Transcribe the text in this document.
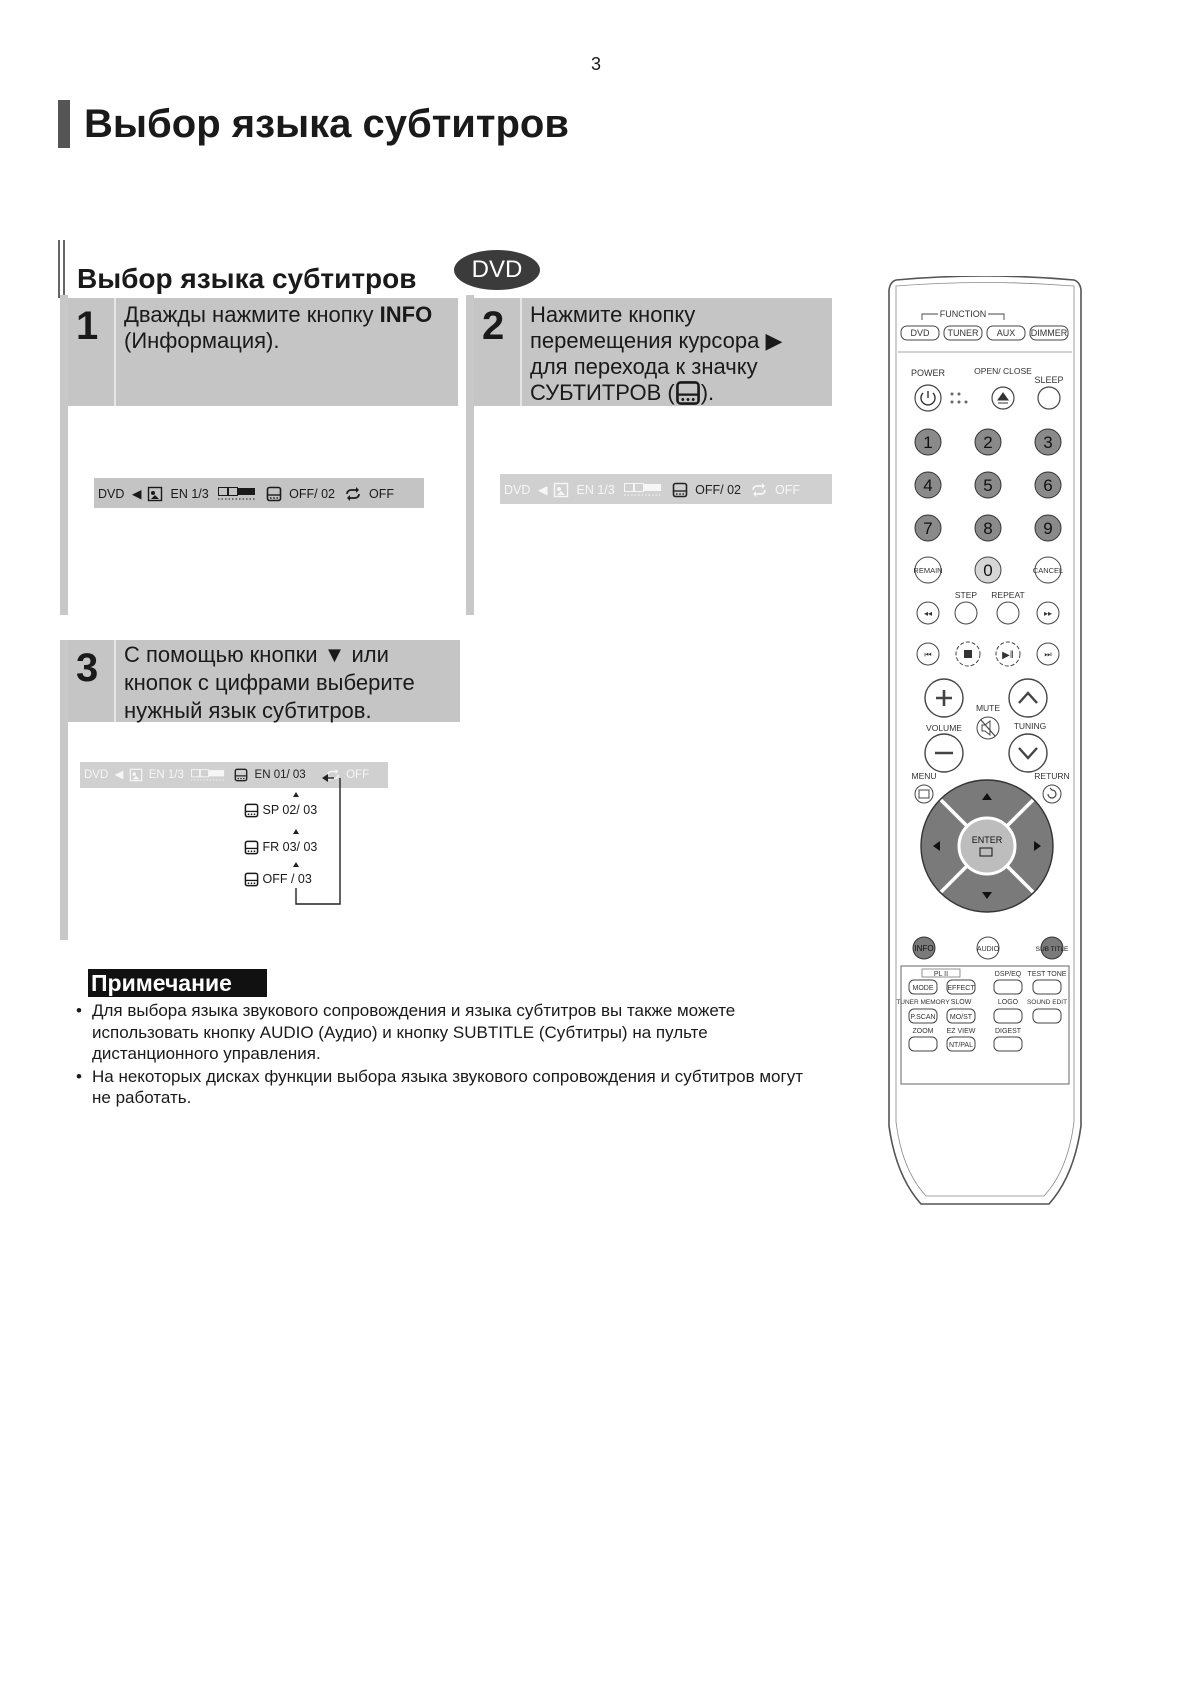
3
Выбор языка субтитров
Выбор языка субтитров	DVD
1	Дважды нажмите кнопку INFO (Информация).	2	Нажмите кнопку перемещения курсора ▶ для перехода к значку СУБТИТРОВ ( ).
DVD ◀ EN 1/3	OFF/ 02	OFF	DVD ◀ EN 1/3	OFF/ 02	OFF
3	С помощью кнопки ▼ или кнопок с цифрами выберите нужный язык субтитров.
DVD ◀ EN 1/3	EN 01/ 03	OFF
SP 02/ 03
FR 03/ 03
OFF / 03
Примечание
• Для выбора языка звукового сопровождения и языка субтитров вы также можете использовать кнопку AUDIO (Аудио) и кнопку SUBTITLE (Субтитры) на пульте дистанционного управления.
• На некоторых дисках функции выбора языка звукового сопровождения и субтитров могут не работать.
FUNCTION
DVD TUNER AUX DIMMER
POWER	OPEN/ CLOSE
SLEEP
1	2	3
4	5	6
7	8	9
REMAIN 0	CANCEL
STEP REPEAT
◂◂	▸▸
⏮	▶ǁ	⏭
MUTE
VOLUME	TUNING
MENU	RETURN
ENTER
INFO	AUDIO	SUB TITLE
PL II	DSP/EQ TEST TONE
MODE EFFECT
TUNER MEMORY SLOW	LOGO SOUND EDIT
P.SCAN MO/ST
ZOOM EZ VIEW	DIGEST
NT/PAL
